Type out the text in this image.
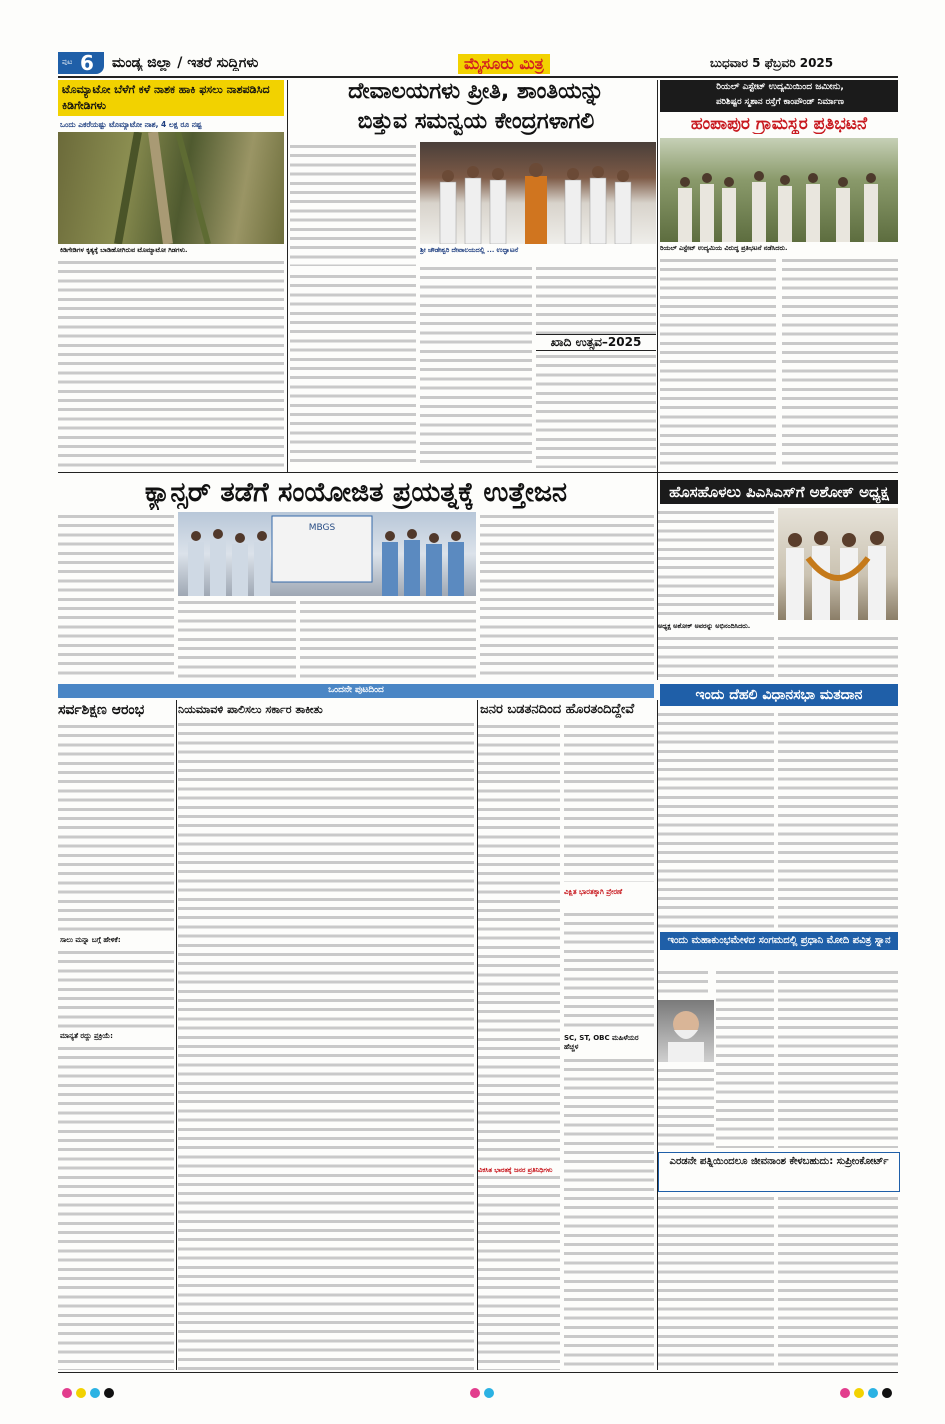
ಪುಟ 6 ಮಂಡ್ಯ ಜಿಲ್ಲಾ / ಇತರೆ ಸುದ್ದಿಗಳು	ಮೈಸೂರು ಮಿತ್ರ	ಬುಧವಾರ 5 ಫೆಬ್ರವರಿ 2025
ಟೊಮ್ಯಾಟೋ ಬೆಳೆಗೆ ಕಳೆ ನಾಶಕ ಹಾಕಿ ಫಸಲು ನಾಶಪಡಿಸಿದ ಕಿಡಿಗೇಡಿಗಳು
ಒಂದು ಎಕರೆಯಷ್ಟು ಟೊಮ್ಯಾಟೋ ನಾಶ, 4 ಲಕ್ಷ ರೂ ನಷ್ಟ
ಕಿಡಿಗೇಡಿಗಳ ಕೃತ್ಯಕ್ಕೆ ಬಾಡಿಹೋಗಿರುವ ಟೊಮ್ಯಾಟೋ ಗಿಡಗಳು.
ದೇವಾಲಯಗಳು ಪ್ರೀತಿ, ಶಾಂತಿಯನ್ನು
ಬಿತ್ತುವ ಸಮನ್ವಯ ಕೇಂದ್ರಗಳಾಗಲಿ
ಶ್ರೀ ಚೌಡೇಶ್ವರಿ ದೇವಾಲಯದಲ್ಲಿ ... ಉದ್ಘಾಟನೆ
ಖಾದಿ ಉತ್ಸವ–2025
ರಿಯಲ್ ಎಸ್ಟೇಟ್ ಉದ್ಯಮಿಯಿಂದ ಜಮೀನು,
ಪರಿಶಿಷ್ಟರ ಸ್ಮಶಾನ ರಸ್ತೆಗೆ ಕಾಂಪೌಂಡ್ ನಿರ್ಮಾಣ
ಹಂಪಾಪುರ ಗ್ರಾಮಸ್ಥರ ಪ್ರತಿಭಟನೆ
ರಿಯಲ್ ಎಸ್ಟೇಟ್ ಉದ್ಯಮಿಯ ವಿರುದ್ಧ ಪ್ರತಿಭಟನೆ ನಡೆಸಿದರು.
ಕ್ಯಾನ್ಸರ್ ತಡೆಗೆ ಸಂಯೋಜಿತ ಪ್ರಯತ್ನಕ್ಕೆ ಉತ್ತೇಜನ
MBGS
ಹೊಸಹೊಳಲು ಪಿಎಸಿಎಸ್‌ಗೆ ಅಶೋಕ್ ಅಧ್ಯಕ್ಷ
ಅಧ್ಯಕ್ಷ ಅಶೋಕ್ ಅವರನ್ನು ಅಭಿನಂದಿಸಿದರು.
ಒಂದನೇ ಪುಟದಿಂದ
ಸರ್ವಶಿಕ್ಷಣ ಆರಂಭ
ಸಾಲು ಮನ್ನಾ ಬಗ್ಗೆ ಹೇಳಿಕೆ:
ಮಾನ್ಯತೆ ರದ್ದು ಪ್ರಕ್ರಿಯೆ:
ನಿಯಮಾವಳಿ ಪಾಲಿಸಲು ಸರ್ಕಾರ ತಾಕೀತು	ಜನರ ಬಡತನದಿಂದ ಹೊರತಂದಿದ್ದೇವೆ
ವಿಕ್ಷಿತ ಭಾರತಕ್ಕಾಗಿ ಪ್ರೇರಣೆ
SC, ST, OBC ಮಹಿಳೆಯರ ಹೆಚ್ಚಳ
ವಿಕಸಿತ ಭಾರತಕ್ಕೆ ಜನರ ಪ್ರತಿನಿಧಿಗಳು
ಇಂದು ದೆಹಲಿ ವಿಧಾನಸಭಾ ಮತದಾನ
ಇಂದು ಮಹಾಕುಂಭಮೇಳದ ಸಂಗಮದಲ್ಲಿ ಪ್ರಧಾನಿ ಮೋದಿ ಪವಿತ್ರ ಸ್ನಾನ
ಎರಡನೇ ಪತ್ನಿಯಿಂದಲೂ ಜೀವನಾಂಶ ಕೇಳಬಹುದು: ಸುಪ್ರೀಂಕೋರ್ಟ್
